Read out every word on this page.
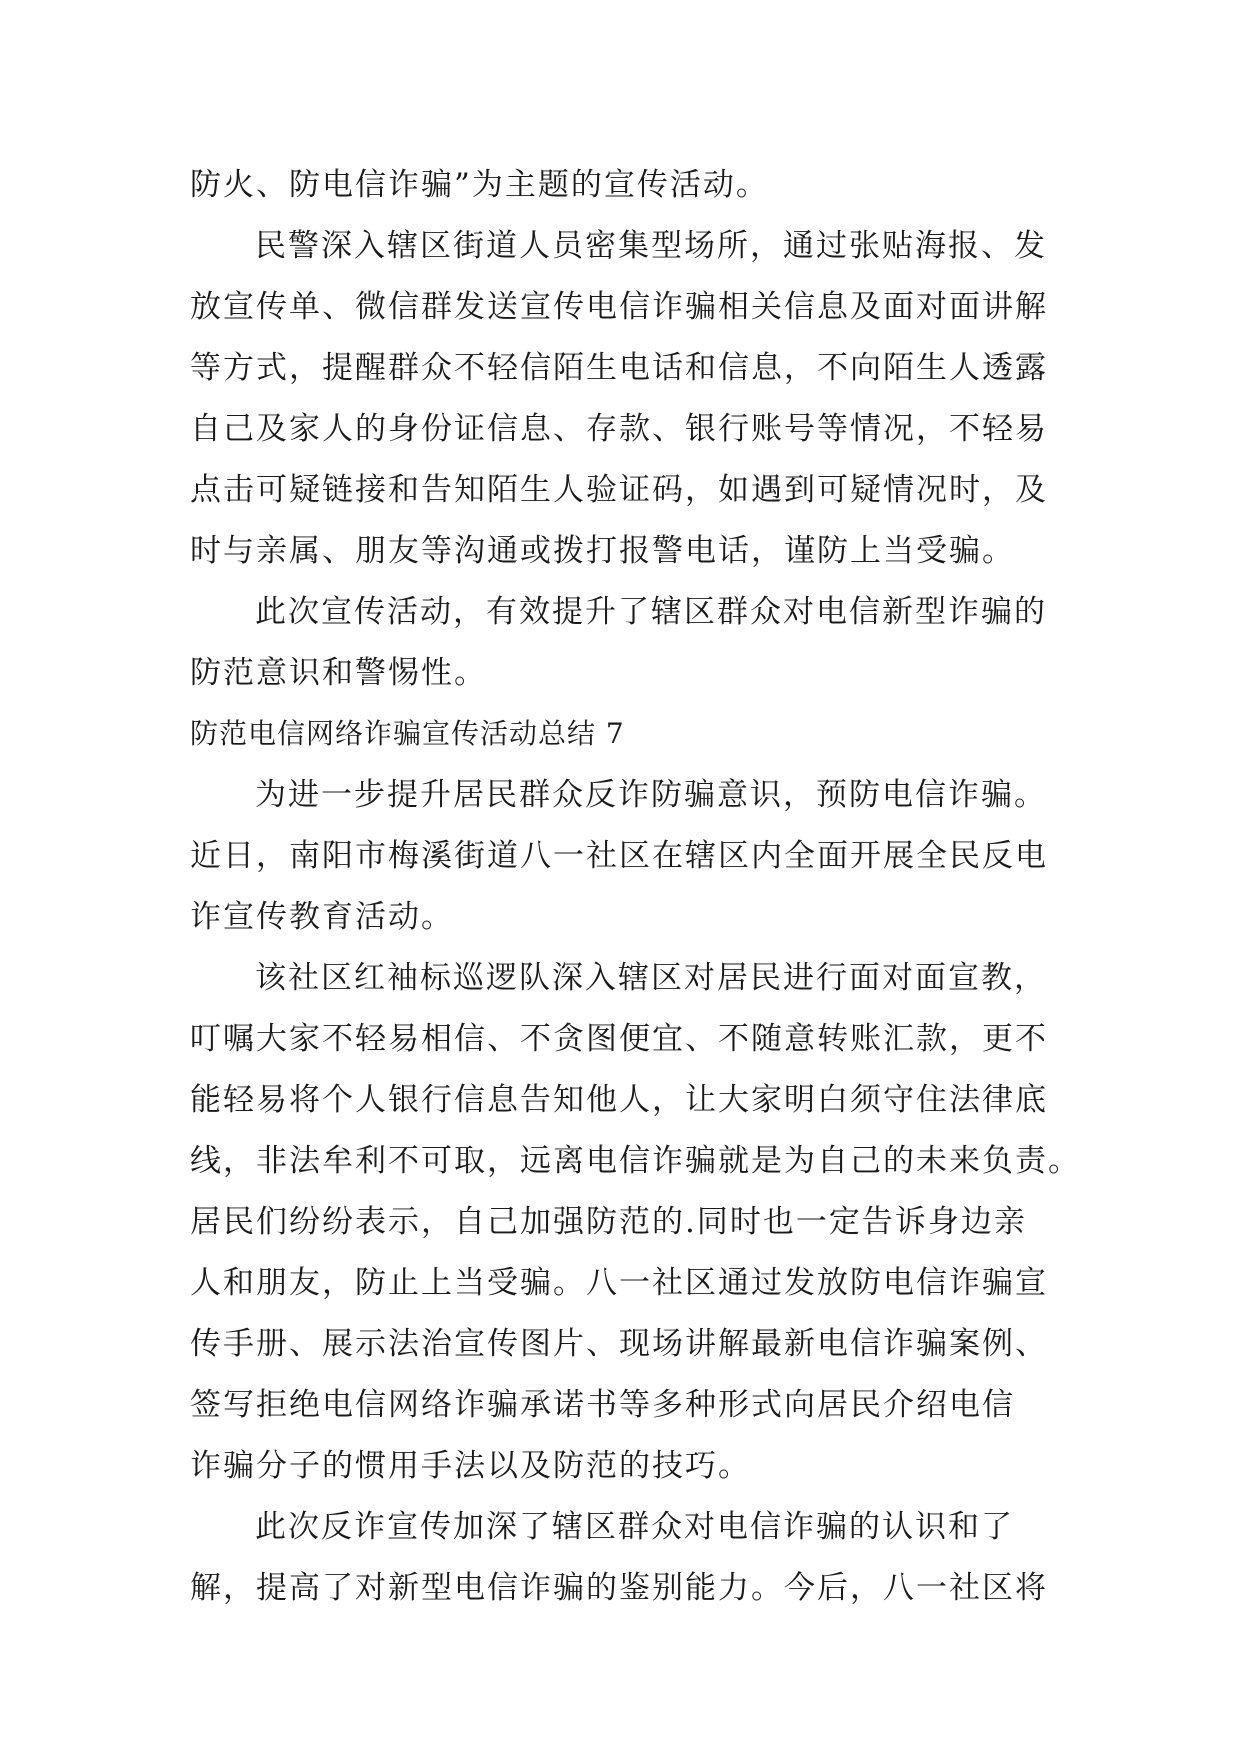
防火、防电信诈骗”为主题的宣传活动。
民警深入辖区街道人员密集型场所，通过张贴海报、发
放宣传单、微信群发送宣传电信诈骗相关信息及面对面讲解
等方式，提醒群众不轻信陌生电话和信息，不向陌生人透露
自己及家人的身份证信息、存款、银行账号等情况，不轻易
点击可疑链接和告知陌生人验证码，如遇到可疑情况时，及
时与亲属、朋友等沟通或拨打报警电话，谨防上当受骗。
此次宣传活动，有效提升了辖区群众对电信新型诈骗的
防范意识和警惕性。
防范电信网络诈骗宣传活动总结 7
为进一步提升居民群众反诈防骗意识，预防电信诈骗。
近日，南阳市梅溪街道八一社区在辖区内全面开展全民反电
诈宣传教育活动。
该社区红袖标巡逻队深入辖区对居民进行面对面宣教，
叮嘱大家不轻易相信、不贪图便宜、不随意转账汇款，更不
能轻易将个人银行信息告知他人，让大家明白须守住法律底
线，非法牟利不可取，远离电信诈骗就是为自己的未来负责。
居民们纷纷表示，自己加强防范的.同时也一定告诉身边亲
人和朋友，防止上当受骗。八一社区通过发放防电信诈骗宣
传手册、展示法治宣传图片、现场讲解最新电信诈骗案例、
签写拒绝电信网络诈骗承诺书等多种形式向居民介绍电信
诈骗分子的惯用手法以及防范的技巧。
此次反诈宣传加深了辖区群众对电信诈骗的认识和了
解，提高了对新型电信诈骗的鉴别能力。今后，八一社区将
